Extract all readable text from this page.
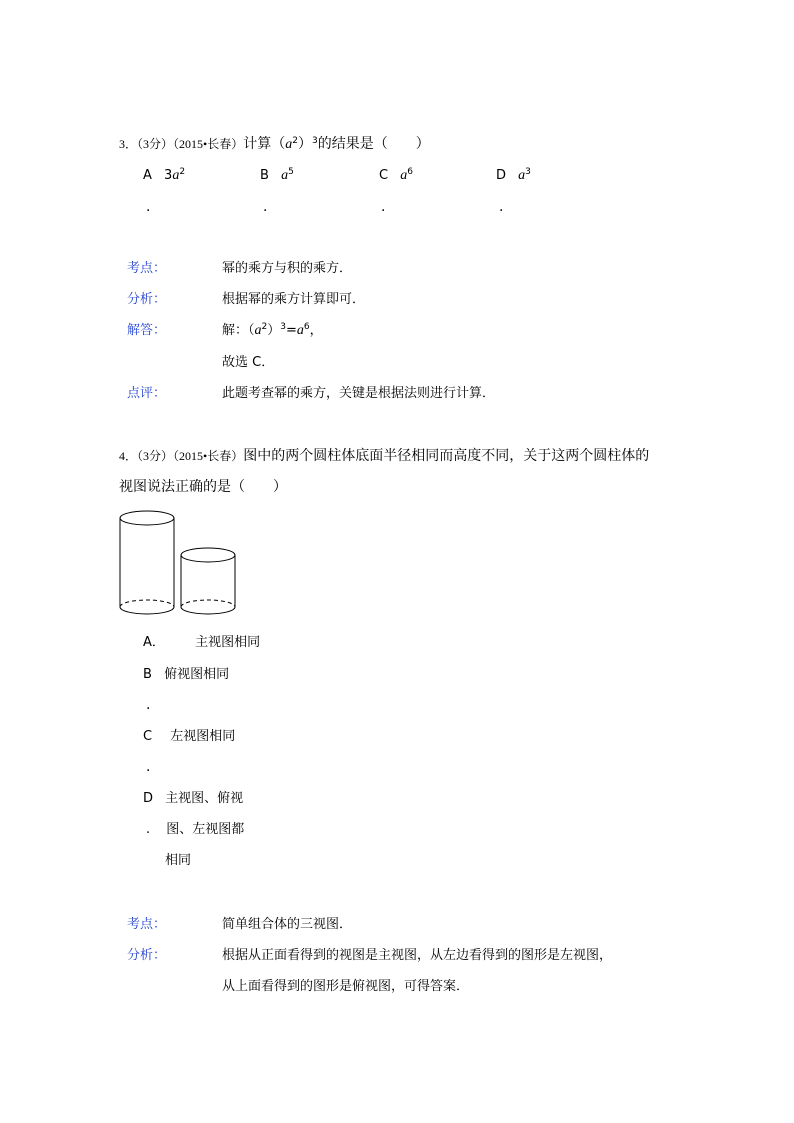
3．（3分）（2015•长春）计算$(a^2)^3$的结果是（　　）
A $3a^2$
.
B $a^5$
.
C $a^6$
.
D $a^3$
.
考点：	幂的乘方与积的乘方．
分析：	根据幂的乘方计算即可．
解答：	解：$(a^2)^3=a^6$，
故选 C．
点评：	此题考查幂的乘方，关键是根据法则进行计算．
4．（3分）（2015•长春）图中的两个圆柱体底面半径相同而高度不同，关于这两个圆柱体的
视图说法正确的是（　　）
A． 主视图相同
B 俯视图相同
.
C 左视图相同
.
D 主视图、俯视
. 图、左视图都
相同
考点：	简单组合体的三视图．
分析：	根据从正面看得到的视图是主视图，从左边看得到的图形是左视图，
从上面看得到的图形是俯视图，可得答案．
